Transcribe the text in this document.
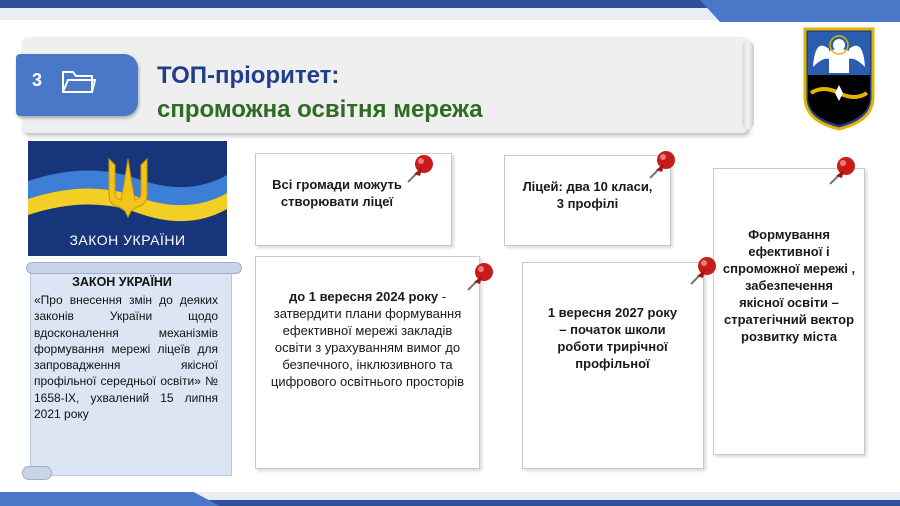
3	ТОП-пріоритет:
спроможна освітня мережа
ЗАКОН УКРАЇНИ
ЗАКОН УКРАЇНИ
«Про внесення змін до деяких законів України щодо вдосконалення механізмів формування мережі ліцеїв для запровадження якісної профільної середньої освіти» № 1658-IX, ухвалений 15 липня 2021 року
Всі громади можуть створювати ліцеї
Ліцей: два 10 класи, 3 профілі
до 1 вересня 2024 року - затвердити плани формування ефективної мережі закладів освіти з урахуванням вимог до безпечного, інклюзивного та цифрового освітнього просторів
1 вересня 2027 року – початок школи роботи трирічної профільної
Формування ефективної і спроможної мережі , забезпечення якісної освіти – стратегічний вектор розвитку міста
